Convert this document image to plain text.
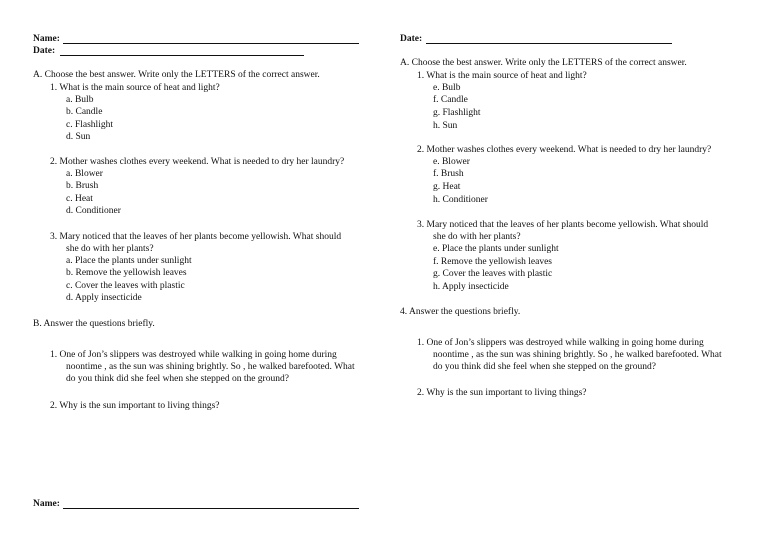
Name:
Date:
A. Choose the best answer. Write only the LETTERS of the correct answer.
1. What is the main source of heat and light?
a. Bulb
b. Candle
c. Flashlight
d. Sun
2. Mother washes clothes every weekend. What is needed to dry her laundry?
a. Blower
b. Brush
c. Heat
d. Conditioner
3. Mary noticed that the leaves of her plants become yellowish. What should
she do with her plants?
a. Place the plants under sunlight
b. Remove the yellowish leaves
c. Cover the leaves with plastic
d. Apply insecticide
B. Answer the questions briefly.
1. One of Jon’s slippers was destroyed while walking in going home during
noontime , as the sun was shining brightly. So , he walked barefooted. What
do you think did she feel when she stepped on the ground?
2. Why is the sun important to living things?
Name:
Date:
A. Choose the best answer. Write only the LETTERS of the correct answer.
1. What is the main source of heat and light?
e. Bulb
f. Candle
g. Flashlight
h. Sun
2. Mother washes clothes every weekend. What is needed to dry her laundry?
e. Blower
f. Brush
g. Heat
h. Conditioner
3. Mary noticed that the leaves of her plants become yellowish. What should
she do with her plants?
e. Place the plants under sunlight
f. Remove the yellowish leaves
g. Cover the leaves with plastic
h. Apply insecticide
4. Answer the questions briefly.
1. One of Jon’s slippers was destroyed while walking in going home during
noontime , as the sun was shining brightly. So , he walked barefooted. What
do you think did she feel when she stepped on the ground?
2. Why is the sun important to living things?
